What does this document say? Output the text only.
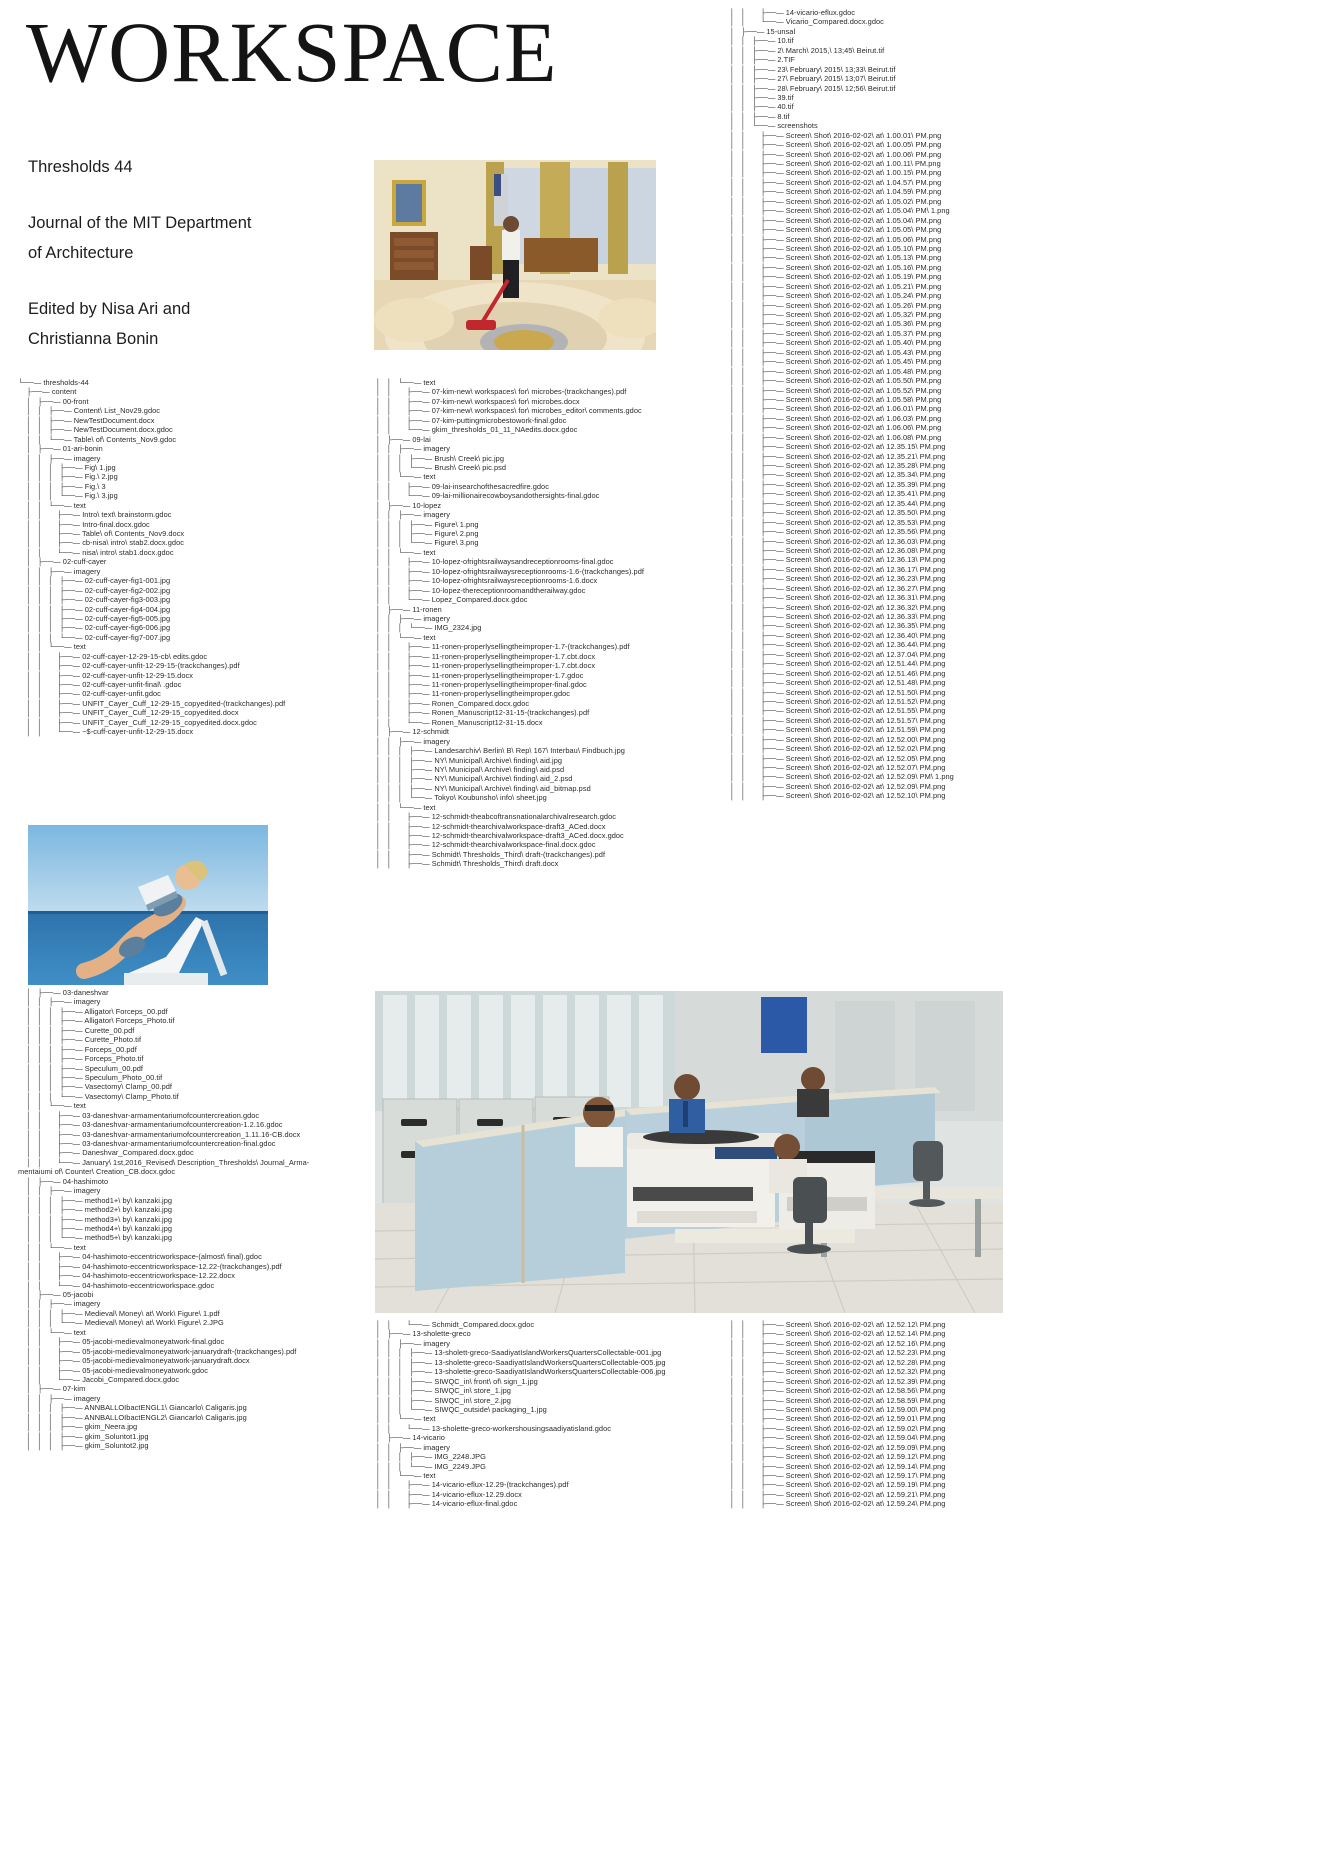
WORKSPACE
Thresholds 44
Journal of the MIT Department
of Architecture
Edited by Nisa Ari and
Christianna Bonin
└──— thresholds-44
├──— content
│   ├──— 00-front
│   │   ├──— Content\ List_Nov29.gdoc
│   │   ├──— NewTestDocument.docx
│   │   ├──— NewTestDocument.docx.gdoc
│   │   └──— Table\ of\ Contents_Nov9.gdoc
│   ├──— 01-ari-bonin
│   │   ├──— imagery
│   │   │   ├──— Fig\ 1.jpg
│   │   │   ├──— Fig.\ 2.jpg
│   │   │   ├──— Fig.\ 3
│   │   │   └──— Fig.\ 3.jpg
│   │   └──— text
│   │       ├──— Intro\ text\ brainstorm.gdoc
│   │       ├──— Intro-final.docx.gdoc
│   │       ├──— Table\ of\ Contents_Nov9.docx
│   │       ├──— cb-nisa\ intro\ stab2.docx.gdoc
│   │       └──— nisa\ intro\ stab1.docx.gdoc
│   ├──— 02-cuff-cayer
│   │   ├──— imagery
│   │   │   ├──— 02-cuff-cayer-fig1-001.jpg
│   │   │   ├──— 02-cuff-cayer-fig2-002.jpg
│   │   │   ├──— 02-cuff-cayer-fig3-003.jpg
│   │   │   ├──— 02-cuff-cayer-fig4-004.jpg
│   │   │   ├──— 02-cuff-cayer-fig5-005.jpg
│   │   │   ├──— 02-cuff-cayer-fig6-006.jpg
│   │   │   └──— 02-cuff-cayer-fig7-007.jpg
│   │   └──— text
│   │       ├──— 02-cuff-cayer-12-29-15-cb\ edits.gdoc
│   │       ├──— 02-cuff-cayer-unfit-12-29-15-(trackchanges).pdf
│   │       ├──— 02-cuff-cayer-unfit-12-29-15.docx
│   │       ├──— 02-cuff-cayer-unfit-final\ .gdoc
│   │       ├──— 02-cuff-cayer-unfit.gdoc
│   │       ├──— UNFIT_Cayer_Cuff_12-29-15_copyedited-(trackchanges).pdf
│   │       ├──— UNFIT_Cayer_Cuff_12-29-15_copyedited.docx
│   │       ├──— UNFIT_Cayer_Cuff_12-29-15_copyedited.docx.gdoc
│   │       └──— ~$-cuff-cayer-unfit-12-29-15.docx
│   ├──— 03-daneshvar
│   │   ├──— imagery
│   │   │   ├──— Alligator\ Forceps_00.pdf
│   │   │   ├──— Alligator\ Forceps_Photo.tif
│   │   │   ├──— Curette_00.pdf
│   │   │   ├──— Curette_Photo.tif
│   │   │   ├──— Forceps_00.pdf
│   │   │   ├──— Forceps_Photo.tif
│   │   │   ├──— Speculum_00.pdf
│   │   │   ├──— Speculum_Photo_00.tif
│   │   │   ├──— Vasectomy\ Clamp_00.pdf
│   │   │   └──— Vasectomy\ Clamp_Photo.tif
│   │   └──— text
│   │       ├──— 03-daneshvar-armamentariumofcountercreation.gdoc
│   │       ├──— 03-daneshvar-armamentariumofcountercreation-1.2.16.gdoc
│   │       ├──— 03-daneshvar-armamentariumofcountercreation_1.11.16-CB.docx
│   │       ├──— 03-daneshvar-armamentariumofcountercreation-final.gdoc
│   │       ├──— Daneshvar_Compared.docx.gdoc
│   │       └──— January\ 1st,2016_Revised\ Description_Thresholds\ Journal_Arma-
mentaiumi of\ Counter\ Creation_CB.docx.gdoc
│   ├──— 04-hashimoto
│   │   ├──— imagery
│   │   │   ├──— method1+\ by\ kanzaki.jpg
│   │   │   ├──— method2+\ by\ kanzaki.jpg
│   │   │   ├──— method3+\ by\ kanzaki.jpg
│   │   │   ├──— method4+\ by\ kanzaki.jpg
│   │   │   └──— method5+\ by\ kanzaki.jpg
│   │   └──— text
│   │       ├──— 04-hashimoto-eccentricworkspace-(almost\ final).gdoc
│   │       ├──— 04-hashimoto-eccentricworkspace-12.22-(trackchanges).pdf
│   │       ├──— 04-hashimoto-eccentricworkspace-12.22.docx
│   │       └──— 04-hashimoto-eccentricworkspace.gdoc
│   ├──— 05-jacobi
│   │   ├──— imagery
│   │   │   ├──— Medieval\ Money\ at\ Work\ Figure\ 1.pdf
│   │   │   └──— Medieval\ Money\ at\ Work\ Figure\ 2.JPG
│   │   └──— text
│   │       ├──— 05-jacobi-medievalmoneyatwork-final.gdoc
│   │       ├──— 05-jacobi-medievalmoneyatwork-januarydraft-(trackchanges).pdf
│   │       ├──— 05-jacobi-medievalmoneyatwork-januarydraft.docx
│   │       ├──— 05-jacobi-medievalmoneyatwork.gdoc
│   │       └──— Jacobi_Compared.docx.gdoc
│   ├──— 07-kim
│   │   ├──— imagery
│   │   │   ├──— ANNBALLOIbactENGL1\ Giancarlo\ Caligaris.jpg
│   │   │   ├──— ANNBALLOIbactENGL2\ Giancarlo\ Caligaris.jpg
│   │   │   ├──— gkim_Neera.jpg
│   │   │   ├──— gkim_Soluntot1.jpg
│   │   │   ├──— gkim_Soluntot2.jpg
│   │   └──— text
│   │       ├──— 07-kim-new\ workspaces\ for\ microbes-(trackchanges).pdf
│   │       ├──— 07-kim-new\ workspaces\ for\ microbes.docx
│   │       ├──— 07-kim-new\ workspaces\ for\ microbes_editor\ comments.gdoc
│   │       ├──— 07-kim-puttingmicrobestowork-final.gdoc
│   │       └──— gkim_thresholds_01_11_NAedits.docx.gdoc
│   ├──— 09-lai
│   │   ├──— imagery
│   │   │   ├──— Brush\ Creek\ pic.jpg
│   │   │   └──— Brush\ Creek\ pic.psd
│   │   └──— text
│   │       ├──— 09-lai-insearchofthesacredfire.gdoc
│   │       └──— 09-lai-millionairecowboysandothersights-final.gdoc
│   ├──— 10-lopez
│   │   ├──— imagery
│   │   │   ├──— Figure\ 1.png
│   │   │   ├──— Figure\ 2.png
│   │   │   └──— Figure\ 3.png
│   │   └──— text
│   │       ├──— 10-lopez-ofrightsrailwaysandreceptionrooms-final.gdoc
│   │       ├──— 10-lopez-ofrightsrailwaysreceptionrooms-1.6-(trackchanges).pdf
│   │       ├──— 10-lopez-ofrightsrailwaysreceptionrooms-1.6.docx
│   │       ├──— 10-lopez-thereceptionroomandtherailway.gdoc
│   │       └──— Lopez_Compared.docx.gdoc
│   ├──— 11-ronen
│   │   ├──— imagery
│   │   │   └──— IMG_2324.jpg
│   │   └──— text
│   │       ├──— 11-ronen-properlysellingtheimproper-1.7-(trackchanges).pdf
│   │       ├──— 11-ronen-properlysellingtheimproper-1.7.cbt.docx
│   │       ├──— 11-ronen-properlysellingtheimproper-1.7.cbt.docx
│   │       ├──— 11-ronen-properlysellingtheimproper-1.7.gdoc
│   │       ├──— 11-ronen-properlysellingtheimproper-final.gdoc
│   │       ├──— 11-ronen-properlysellingtheimproper.gdoc
│   │       ├──— Ronen_Compared.docx.gdoc
│   │       ├──— Ronen_Manuscript12-31-15-(trackchanges).pdf
│   │       └──— Ronen_Manuscript12-31-15.docx
│   ├──— 12-schmidt
│   │   ├──— imagery
│   │   │   ├──— Landesarchiv\ Berlin\ B\ Rep\ 167\ Interbau\ Findbuch.jpg
│   │   │   ├──— NY\ Municipal\ Archive\ finding\ aid.jpg
│   │   │   ├──— NY\ Municipal\ Archive\ finding\ aid.psd
│   │   │   ├──— NY\ Municipal\ Archive\ finding\ aid_2.psd
│   │   │   ├──— NY\ Municipal\ Archive\ finding\ aid_bitmap.psd
│   │   │   └──— Tokyo\ Koubunsho\ info\ sheet.jpg
│   │   └──— text
│   │       ├──— 12-schmidt-theabcoftransnationalarchivalresearch.gdoc
│   │       ├──— 12-schmidt-thearchivalworkspace-draft3_ACed.docx
│   │       ├──— 12-schmidt-thearchivalworkspace-draft3_ACed.docx.gdoc
│   │       ├──— 12-schmidt-thearchivalworkspace-final.docx.gdoc
│   │       ├──— Schmidt\ Thresholds_Third\ draft-(trackchanges).pdf
│   │       ├──— Schmidt\ Thresholds_Third\ draft.docx
│   │       └──— Schmidt_Compared.docx.gdoc
│   ├──— 13-sholette-greco
│   │   ├──— imagery
│   │   │   ├──— 13-sholett-greco-SaadiyatIslandWorkersQuartersCollectable-001.jpg
│   │   │   ├──— 13-sholette-greco-SaadiyatIslandWorkersQuartersCollectable-005.jpg
│   │   │   ├──— 13-sholette-greco-SaadiyatIslandWorkersQuartersCollectable-006.jpg
│   │   │   ├──— SIWQC_in\ front\ of\ sign_1.jpg
│   │   │   ├──— SIWQC_in\ store_1.jpg
│   │   │   ├──— SIWQC_in\ store_2.jpg
│   │   │   └──— SIWQC_outside\ packaging_1.jpg
│   │   └──— text
│   │       └──— 13-sholette-greco-workershousingsaadiyatisland.gdoc
│   ├──— 14-vicario
│   │   ├──— imagery
│   │   │   ├──— IMG_2248.JPG
│   │   │   └──— IMG_2249.JPG
│   │   └──— text
│   │       ├──— 14-vicario-eflux-12.29-(trackchanges).pdf
│   │       ├──— 14-vicario-eflux-12.29.docx
│   │       ├──— 14-vicario-eflux-final.gdoc
│   │       ├──— 14-vicario-eflux.gdoc
│   │       └──— Vicario_Compared.docx.gdoc
│   ├──— 15-unsal
│   │   ├──— 10.tif
│   │   ├──— 2\ March\ 2015,\ 13;45\ Beirut.tif
│   │   ├──— 2.TIF
│   │   ├──— 23\ February\ 2015\ 13;33\ Beirut.tif
│   │   ├──— 27\ February\ 2015\ 13;07\ Beirut.tif
│   │   ├──— 28\ February\ 2015\ 12;56\ Beirut.tif
│   │   ├──— 39.tif
│   │   ├──— 40.tif
│   │   ├──— 8.tif
│   │   └──— screenshots
│   │       ├──— Screen\ Shot\ 2016-02-02\ at\ 1.00.01\ PM.png
│   │       ├──— Screen\ Shot\ 2016-02-02\ at\ 1.00.05\ PM.png
│   │       ├──— Screen\ Shot\ 2016-02-02\ at\ 1.00.06\ PM.png
│   │       ├──— Screen\ Shot\ 2016-02-02\ at\ 1.00.11\ PM.png
│   │       ├──— Screen\ Shot\ 2016-02-02\ at\ 1.00.15\ PM.png
│   │       ├──— Screen\ Shot\ 2016-02-02\ at\ 1.04.57\ PM.png
│   │       ├──— Screen\ Shot\ 2016-02-02\ at\ 1.04.59\ PM.png
│   │       ├──— Screen\ Shot\ 2016-02-02\ at\ 1.05.02\ PM.png
│   │       ├──— Screen\ Shot\ 2016-02-02\ at\ 1.05.04\ PM\ 1.png
│   │       ├──— Screen\ Shot\ 2016-02-02\ at\ 1.05.04\ PM.png
│   │       ├──— Screen\ Shot\ 2016-02-02\ at\ 1.05.05\ PM.png
│   │       ├──— Screen\ Shot\ 2016-02-02\ at\ 1.05.06\ PM.png
│   │       ├──— Screen\ Shot\ 2016-02-02\ at\ 1.05.10\ PM.png
│   │       ├──— Screen\ Shot\ 2016-02-02\ at\ 1.05.13\ PM.png
│   │       ├──— Screen\ Shot\ 2016-02-02\ at\ 1.05.16\ PM.png
│   │       ├──— Screen\ Shot\ 2016-02-02\ at\ 1.05.19\ PM.png
│   │       ├──— Screen\ Shot\ 2016-02-02\ at\ 1.05.21\ PM.png
│   │       ├──— Screen\ Shot\ 2016-02-02\ at\ 1.05.24\ PM.png
│   │       ├──— Screen\ Shot\ 2016-02-02\ at\ 1.05.26\ PM.png
│   │       ├──— Screen\ Shot\ 2016-02-02\ at\ 1.05.32\ PM.png
│   │       ├──— Screen\ Shot\ 2016-02-02\ at\ 1.05.36\ PM.png
│   │       ├──— Screen\ Shot\ 2016-02-02\ at\ 1.05.37\ PM.png
│   │       ├──— Screen\ Shot\ 2016-02-02\ at\ 1.05.40\ PM.png
│   │       ├──— Screen\ Shot\ 2016-02-02\ at\ 1.05.43\ PM.png
│   │       ├──— Screen\ Shot\ 2016-02-02\ at\ 1.05.45\ PM.png
│   │       ├──— Screen\ Shot\ 2016-02-02\ at\ 1.05.48\ PM.png
│   │       ├──— Screen\ Shot\ 2016-02-02\ at\ 1.05.50\ PM.png
│   │       ├──— Screen\ Shot\ 2016-02-02\ at\ 1.05.52\ PM.png
│   │       ├──— Screen\ Shot\ 2016-02-02\ at\ 1.05.58\ PM.png
│   │       ├──— Screen\ Shot\ 2016-02-02\ at\ 1.06.01\ PM.png
│   │       ├──— Screen\ Shot\ 2016-02-02\ at\ 1.06.03\ PM.png
│   │       ├──— Screen\ Shot\ 2016-02-02\ at\ 1.06.06\ PM.png
│   │       ├──— Screen\ Shot\ 2016-02-02\ at\ 1.06.08\ PM.png
│   │       ├──— Screen\ Shot\ 2016-02-02\ at\ 12.35.15\ PM.png
│   │       ├──— Screen\ Shot\ 2016-02-02\ at\ 12.35.21\ PM.png
│   │       ├──— Screen\ Shot\ 2016-02-02\ at\ 12.35.28\ PM.png
│   │       ├──— Screen\ Shot\ 2016-02-02\ at\ 12.35.34\ PM.png
│   │       ├──— Screen\ Shot\ 2016-02-02\ at\ 12.35.39\ PM.png
│   │       ├──— Screen\ Shot\ 2016-02-02\ at\ 12.35.41\ PM.png
│   │       ├──— Screen\ Shot\ 2016-02-02\ at\ 12.35.44\ PM.png
│   │       ├──— Screen\ Shot\ 2016-02-02\ at\ 12.35.50\ PM.png
│   │       ├──— Screen\ Shot\ 2016-02-02\ at\ 12.35.53\ PM.png
│   │       ├──— Screen\ Shot\ 2016-02-02\ at\ 12.35.56\ PM.png
│   │       ├──— Screen\ Shot\ 2016-02-02\ at\ 12.36.03\ PM.png
│   │       ├──— Screen\ Shot\ 2016-02-02\ at\ 12.36.08\ PM.png
│   │       ├──— Screen\ Shot\ 2016-02-02\ at\ 12.36.13\ PM.png
│   │       ├──— Screen\ Shot\ 2016-02-02\ at\ 12.36.17\ PM.png
│   │       ├──— Screen\ Shot\ 2016-02-02\ at\ 12.36.23\ PM.png
│   │       ├──— Screen\ Shot\ 2016-02-02\ at\ 12.36.27\ PM.png
│   │       ├──— Screen\ Shot\ 2016-02-02\ at\ 12.36.31\ PM.png
│   │       ├──— Screen\ Shot\ 2016-02-02\ at\ 12.36.32\ PM.png
│   │       ├──— Screen\ Shot\ 2016-02-02\ at\ 12.36.33\ PM.png
│   │       ├──— Screen\ Shot\ 2016-02-02\ at\ 12.36.35\ PM.png
│   │       ├──— Screen\ Shot\ 2016-02-02\ at\ 12.36.40\ PM.png
│   │       ├──— Screen\ Shot\ 2016-02-02\ at\ 12.36.44\ PM.png
│   │       ├──— Screen\ Shot\ 2016-02-02\ at\ 12.37.04\ PM.png
│   │       ├──— Screen\ Shot\ 2016-02-02\ at\ 12.51.44\ PM.png
│   │       ├──— Screen\ Shot\ 2016-02-02\ at\ 12.51.46\ PM.png
│   │       ├──— Screen\ Shot\ 2016-02-02\ at\ 12.51.48\ PM.png
│   │       ├──— Screen\ Shot\ 2016-02-02\ at\ 12.51.50\ PM.png
│   │       ├──— Screen\ Shot\ 2016-02-02\ at\ 12.51.52\ PM.png
│   │       ├──— Screen\ Shot\ 2016-02-02\ at\ 12.51.55\ PM.png
│   │       ├──— Screen\ Shot\ 2016-02-02\ at\ 12.51.57\ PM.png
│   │       ├──— Screen\ Shot\ 2016-02-02\ at\ 12.51.59\ PM.png
│   │       ├──— Screen\ Shot\ 2016-02-02\ at\ 12.52.00\ PM.png
│   │       ├──— Screen\ Shot\ 2016-02-02\ at\ 12.52.02\ PM.png
│   │       ├──— Screen\ Shot\ 2016-02-02\ at\ 12.52.05\ PM.png
│   │       ├──— Screen\ Shot\ 2016-02-02\ at\ 12.52.07\ PM.png
│   │       ├──— Screen\ Shot\ 2016-02-02\ at\ 12.52.09\ PM\ 1.png
│   │       ├──— Screen\ Shot\ 2016-02-02\ at\ 12.52.09\ PM.png
│   │       ├──— Screen\ Shot\ 2016-02-02\ at\ 12.52.10\ PM.png
│   │       ├──— Screen\ Shot\ 2016-02-02\ at\ 12.52.12\ PM.png
│   │       ├──— Screen\ Shot\ 2016-02-02\ at\ 12.52.14\ PM.png
│   │       ├──— Screen\ Shot\ 2016-02-02\ at\ 12.52.16\ PM.png
│   │       ├──— Screen\ Shot\ 2016-02-02\ at\ 12.52.23\ PM.png
│   │       ├──— Screen\ Shot\ 2016-02-02\ at\ 12.52.28\ PM.png
│   │       ├──— Screen\ Shot\ 2016-02-02\ at\ 12.52.32\ PM.png
│   │       ├──— Screen\ Shot\ 2016-02-02\ at\ 12.52.39\ PM.png
│   │       ├──— Screen\ Shot\ 2016-02-02\ at\ 12.58.56\ PM.png
│   │       ├──— Screen\ Shot\ 2016-02-02\ at\ 12.58.59\ PM.png
│   │       ├──— Screen\ Shot\ 2016-02-02\ at\ 12.59.00\ PM.png
│   │       ├──— Screen\ Shot\ 2016-02-02\ at\ 12.59.01\ PM.png
│   │       ├──— Screen\ Shot\ 2016-02-02\ at\ 12.59.02\ PM.png
│   │       ├──— Screen\ Shot\ 2016-02-02\ at\ 12.59.04\ PM.png
│   │       ├──— Screen\ Shot\ 2016-02-02\ at\ 12.59.09\ PM.png
│   │       ├──— Screen\ Shot\ 2016-02-02\ at\ 12.59.12\ PM.png
│   │       ├──— Screen\ Shot\ 2016-02-02\ at\ 12.59.14\ PM.png
│   │       ├──— Screen\ Shot\ 2016-02-02\ at\ 12.59.17\ PM.png
│   │       ├──— Screen\ Shot\ 2016-02-02\ at\ 12.59.19\ PM.png
│   │       ├──— Screen\ Shot\ 2016-02-02\ at\ 12.59.21\ PM.png
│   │       ├──— Screen\ Shot\ 2016-02-02\ at\ 12.59.24\ PM.png
